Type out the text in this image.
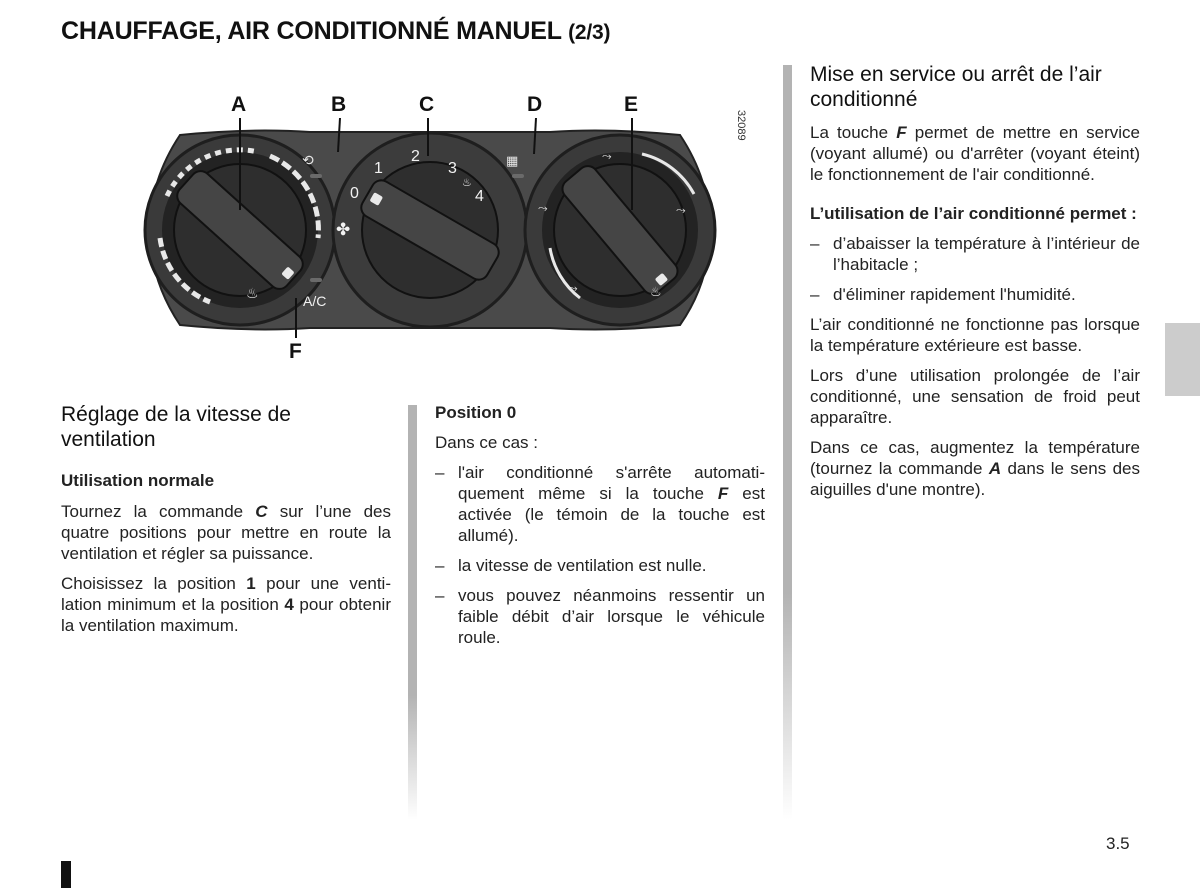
CHAUFFAGE, AIR CONDITIONNÉ MANUEL (2/3)
♨
0
1
2
3
4
✤
♨
⤳
⤳
⤳
♨
⤳
⟲	▦
A/C
A	B	C	D	E
F
32089

Réglage de la vitesse de ventilation

Utilisation normale

Tournez la commande C sur l’une des quatre positions pour mettre en route la ventilation et régler sa puissance.

Choisissez la position 1 pour une ventilation minimum et la position 4 pour obtenir la ventilation maximum.

Position 0

Dans ce cas :

– l'air conditionné s'arrête automatiquement même si la touche F est activée (le témoin de la touche est allumé).
– la vitesse de ventilation est nulle.
– vous pouvez néanmoins ressentir un faible débit d’air lorsque le véhicule roule.

Mise en service ou arrêt de l’air conditionné

La touche F permet de mettre en service (voyant allumé) ou d'arrêter (voyant éteint) le fonctionnement de l'air conditionné.

L’utilisation de l’air conditionné permet :

– d’abaisser la température à l’intérieur de l’habitacle ;
– d'éliminer rapidement l'humidité.

L’air conditionné ne fonctionne pas lorsque la température extérieure est basse.

Lors d’une utilisation prolongée de l’air conditionné, une sensation de froid peut apparaître.

Dans ce cas, augmentez la température (tournez la commande A dans le sens des aiguilles d'une montre).

3.5
